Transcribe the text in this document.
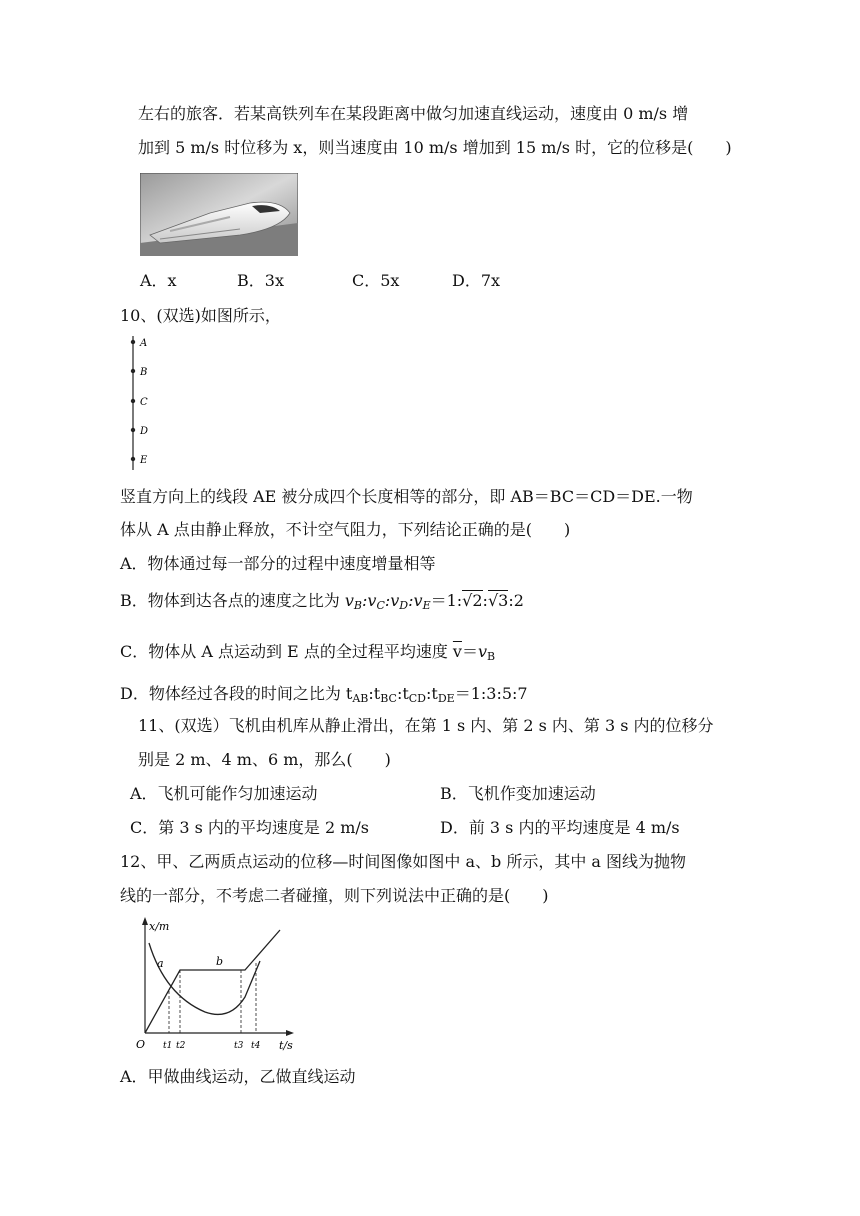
左右的旅客．若某高铁列车在某段距离中做匀加速直线运动，速度由 0 m/s 增
加到 5 m/s 时位移为 x，则当速度由 10 m/s 增加到 15 m/s 时，它的位移是(　　)
A．x	B．3x	C．5x	D．7x
10、(双选)如图所示，
A
B
C
D
E
竖直方向上的线段 AE 被分成四个长度相等的部分，即 AB＝BC＝CD＝DE.一物
体从 A 点由静止释放，不计空气阻力，下列结论正确的是(　　)
A．物体通过每一部分的过程中速度增量相等
B．物体到达各点的速度之比为 $v_B:v_C:v_D:v_E=1:√2:√3:2$
C．物体从 A 点运动到 E 点的全过程平均速度 $\overline{v}=v_B$
D．物体经过各段的时间之比为 $t_{AB}:t_{BC}:t_{CD}:t_{DE}=1:3:5:7$
11、(双选）飞机由机库从静止滑出，在第 1 s 内、第 2 s 内、第 3 s 内的位移分
别是 2 m、4 m、6 m，那么(　　)
A．飞机可能作匀加速运动	B．飞机作变加速运动
C．第 3 s 内的平均速度是 2 m/s	D．前 3 s 内的平均速度是 4 m/s
12、甲、乙两质点运动的位移—时间图像如图中 a、b 所示，其中 a 图线为抛物
线的一部分，不考虑二者碰撞，则下列说法中正确的是(　　)
x/m
t/s
O
a	b
t1 t2	t3 t4
A．甲做曲线运动，乙做直线运动
